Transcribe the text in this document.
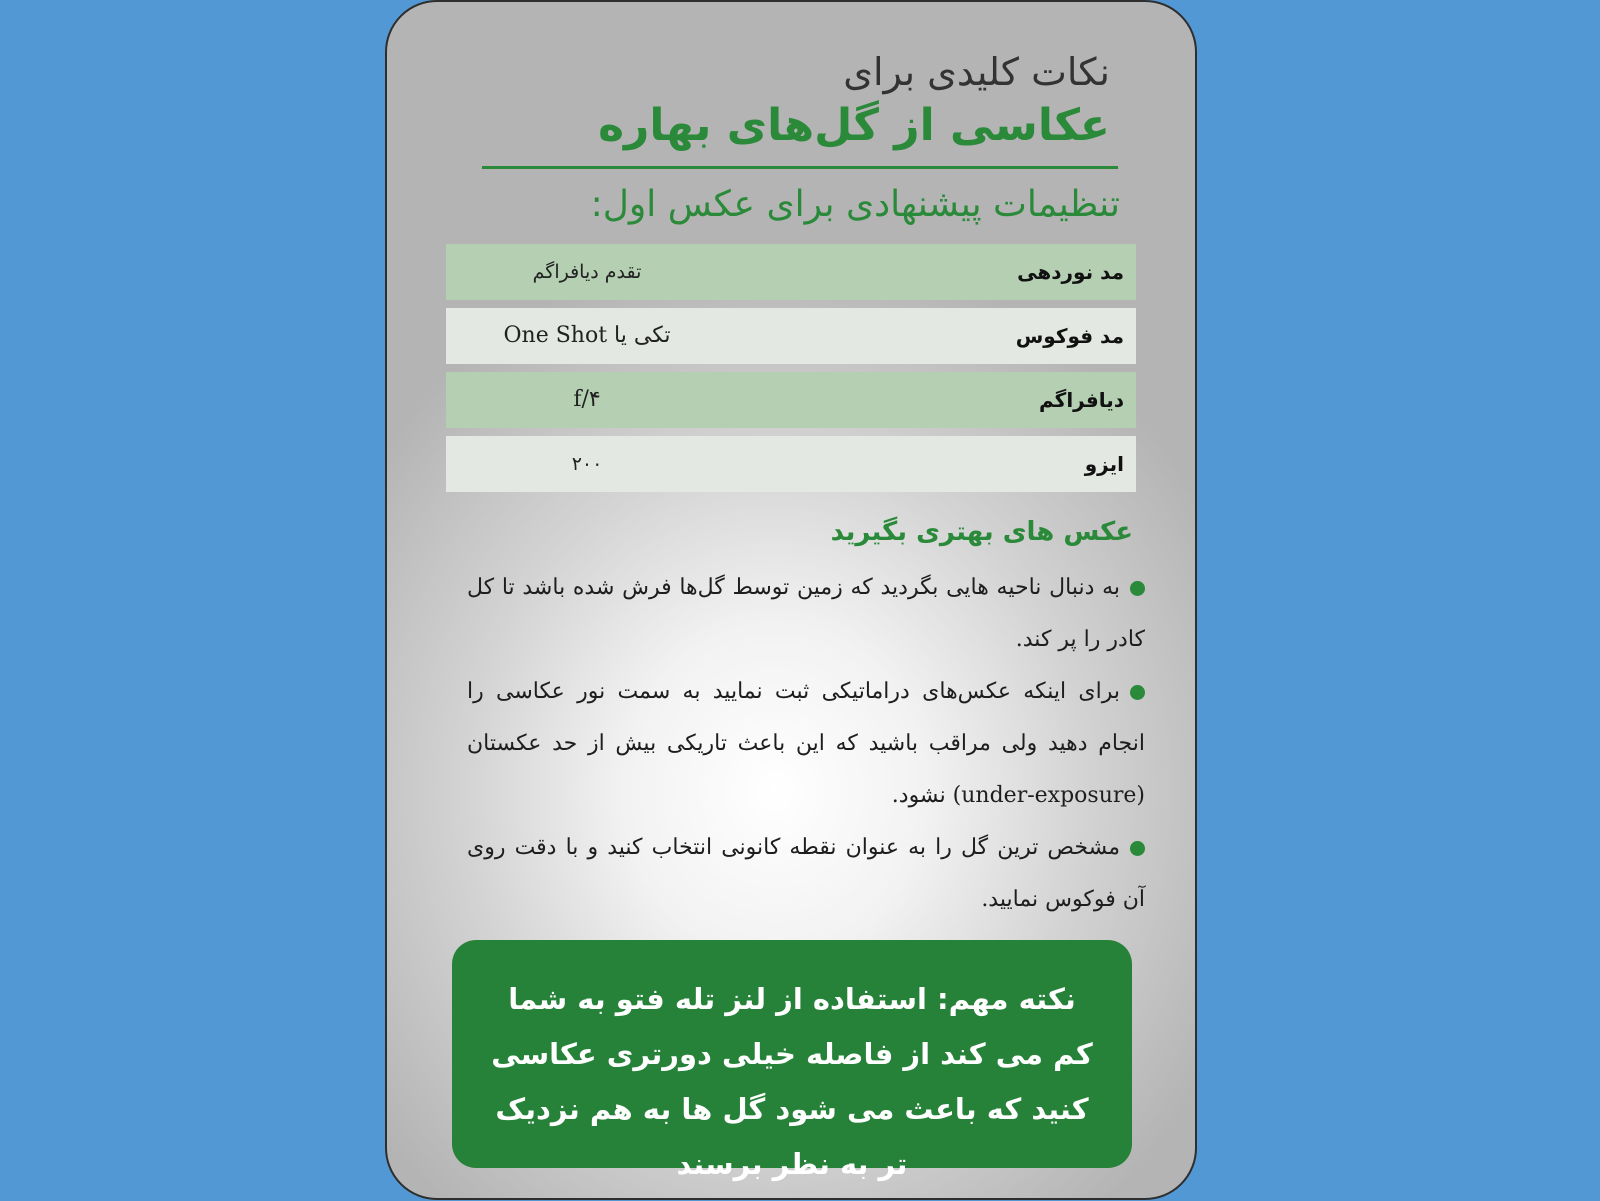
نکات کلیدی برای
عکاسی از گل‌های بهاره
تنظیمات پیشنهادی برای عکس اول:
مد نوردهی
تقدم دیافراگم
مد فوکوس
تکی یا One Shot
دیافراگم
f/۴
ایزو
۲۰۰
عکس های بهتری بگیرید

به دنبال ناحیه هایی بگردید که زمین توسط گل‌ها فرش شده باشد تا کل کادر را پر کند.

برای اینکه عکس‌های دراماتیکی ثبت نمایید به سمت نور عکاسی را انجام دهید ولی مراقب باشید که این باعث تاریکی بیش از حد عکستان (under-exposure) نشود.

مشخص ترین گل را به عنوان نقطه کانونی انتخاب کنید و با دقت روی آن فوکوس نمایید.

نکته مهم: استفاده از لنز تله فتو به شما کم می کند از فاصله خیلی دورتری عکاسی کنید که باعث می شود گل ها به هم نزدیک تر به نظر برسند
